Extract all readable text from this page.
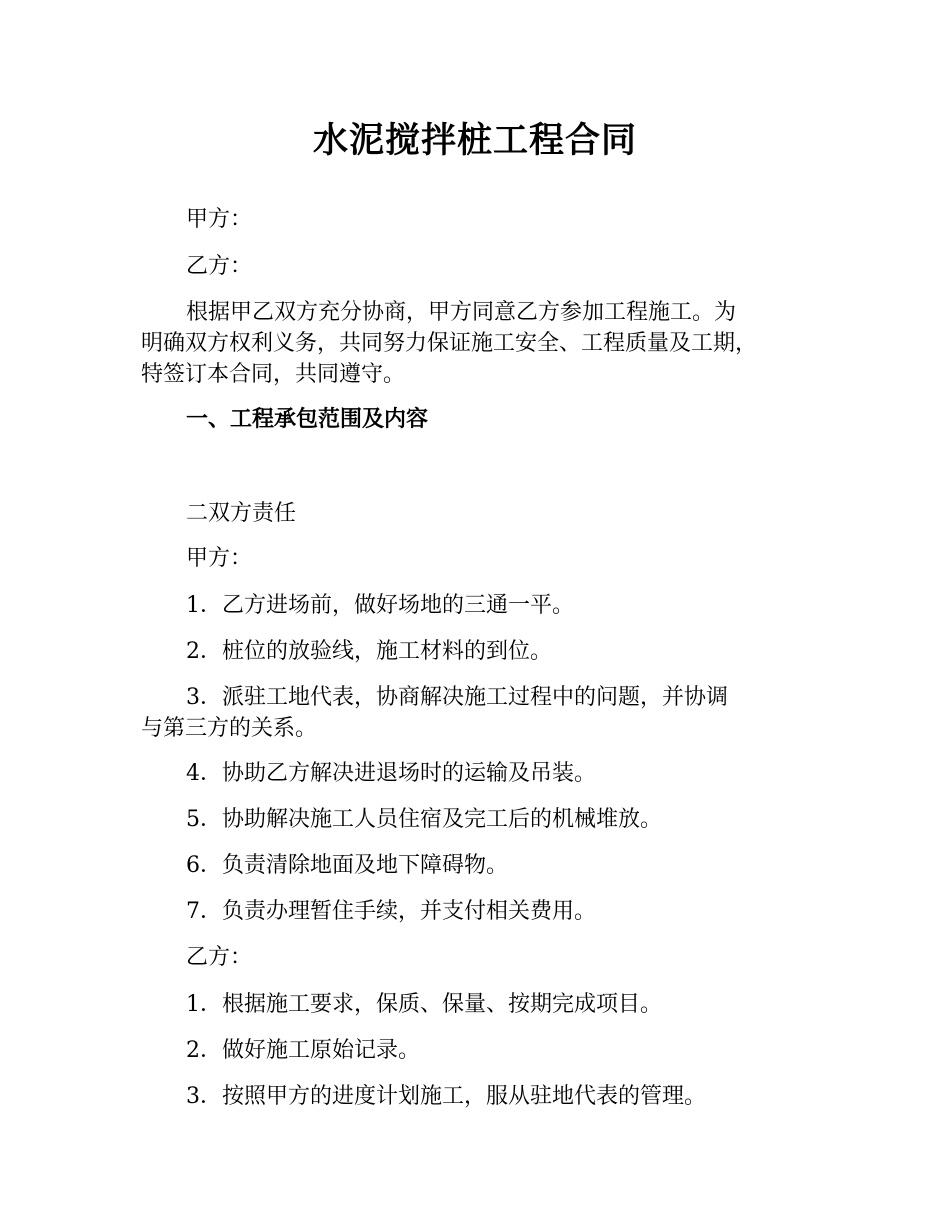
水泥搅拌桩工程合同
甲方：
乙方：
根据甲乙双方充分协商，甲方同意乙方参加工程施工。为
明确双方权利义务，共同努力保证施工安全、工程质量及工期，
特签订本合同，共同遵守。
一、工程承包范围及内容
二双方责任
甲方：
1．乙方进场前，做好场地的三通一平。
2．桩位的放验线，施工材料的到位。
3．派驻工地代表，协商解决施工过程中的问题，并协调
与第三方的关系。
4．协助乙方解决进退场时的运输及吊装。
5．协助解决施工人员住宿及完工后的机械堆放。
6．负责清除地面及地下障碍物。
7．负责办理暂住手续，并支付相关费用。
乙方：
1．根据施工要求，保质、保量、按期完成项目。
2．做好施工原始记录。
3．按照甲方的进度计划施工，服从驻地代表的管理。
